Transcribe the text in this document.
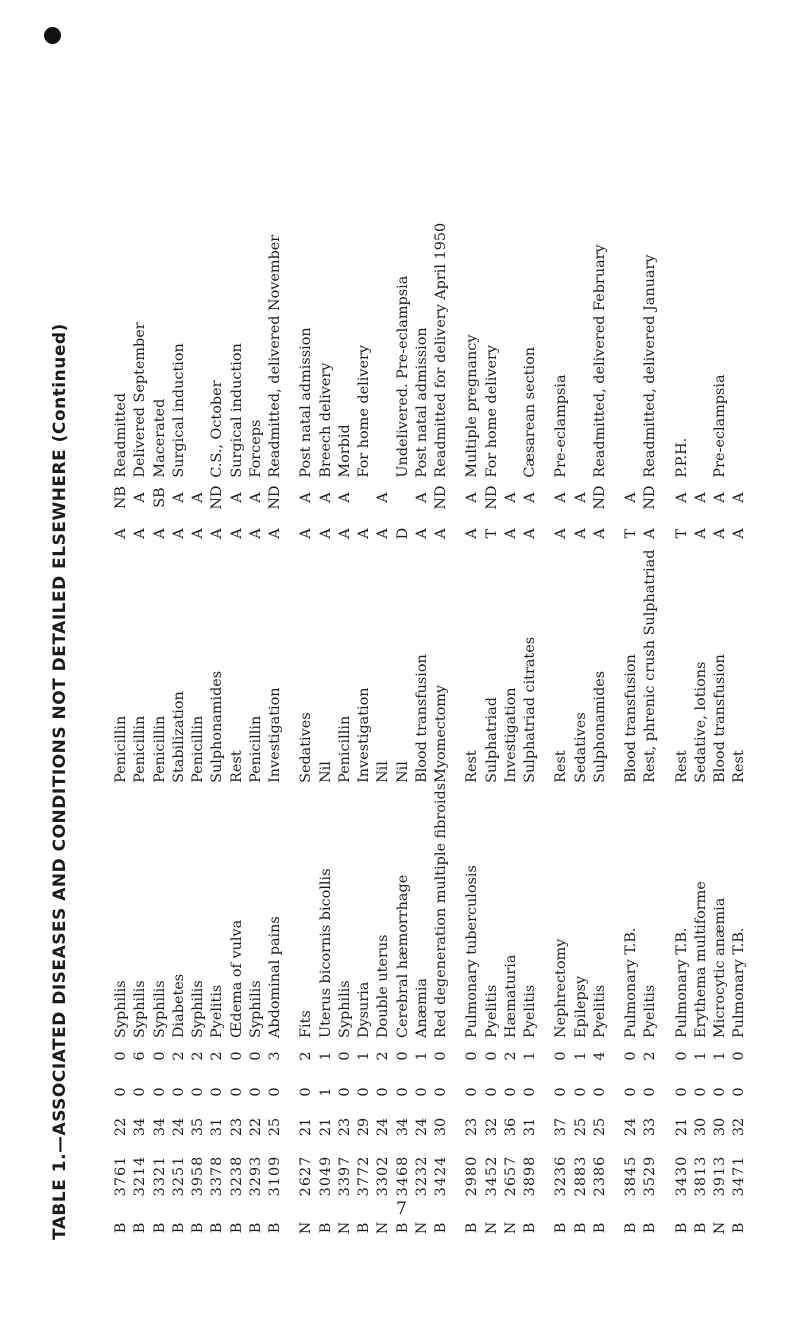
TABLE 1.—ASSOCIATED DISEASES AND CONDITIONS NOT DETAILED ELSEWHERE (Continued)	B	3761	22	0	0	Syphilis	Penicillin	A	NB	Readmitted
B	3214	34	0	6	Syphilis	Penicillin	A	A	Delivered September
B	3321	34	0	0	Syphilis	Penicillin	A	SB	Macerated
B	3251	24	0	2	Diabetes	Stabilization	A	A	Surgical induction
B	3958	35	0	2	Syphilis	Penicillin	A	A	
B	3378	31	0	2	Pyelitis	Sulphonamides	A	ND	C.S., October
B	3238	23	0	0	Œdema of vulva	Rest	A	A	Surgical induction
B	3293	22	0	0	Syphilis	Penicillin	A	A	Forceps
B	3109	25	0	3	Abdominal pains	Investigation	A	ND	Readmitted, delivered November

N	2627	21	0	2	Fits	Sedatives	A	A	Post natal admission
B	3049	21	1	1	Uterus bicornis bicollis	Nil	A	A	Breech delivery
N	3397	23	0	0	Syphilis	Penicillin	A	A	Morbid
B	3772	29	0	1	Dysuria	Investigation	A		For home delivery
N	3302	24	0	2	Double uterus	Nil	A	A	
B	3468	34	0	0	Cerebral hæmorrhage	Nil	D		Undelivered. Pre-eclampsia
N	3232	24	0	1	Anæmia	Blood transfusion	A	A	Post natal admission
B	3424	30	0	0	Red degeneration multiple fibroids	Myomectomy	A	ND	Readmitted for delivery April 1950

B	2980	23	0	0	Pulmonary tuberculosis	Rest	A	A	Multiple pregnancy
N	3452	32	0	0	Pyelitis	Sulphatriad	T	ND	For home delivery
N	2657	36	0	2	Hæmaturia	Investigation	A	A	
B	3898	31	0	1	Pyelitis	Sulphatriad citrates	A	A	Cæsarean section

B	3236	37	0	0	Nephrectomy	Rest	A	A	Pre-eclampsia
B	2883	25	0	1	Epilepsy	Sedatives	A	A	
B	2386	25	0	4	Pyelitis	Sulphonamides	A	ND	Readmitted, delivered February

B	3845	24	0	0	Pulmonary T.B.	Blood transfusion	T	A	
B	3529	33	0	2	Pyelitis	Rest, phrenic crush Sulphatriad	A	ND	Readmitted, delivered January

B	3430	21	0	0	Pulmonary T.B.	Rest	T	A	P.P.H.
B	3813	30	0	1	Erythema multiforme	Sedative, lotions	A	A	
N	3913	30	0	1	Microcytic anæmia	Blood transfusion	A	A	Pre-eclampsia
B	3471	32	0	0	Pulmonary T.B.	Rest	A	A	
7
